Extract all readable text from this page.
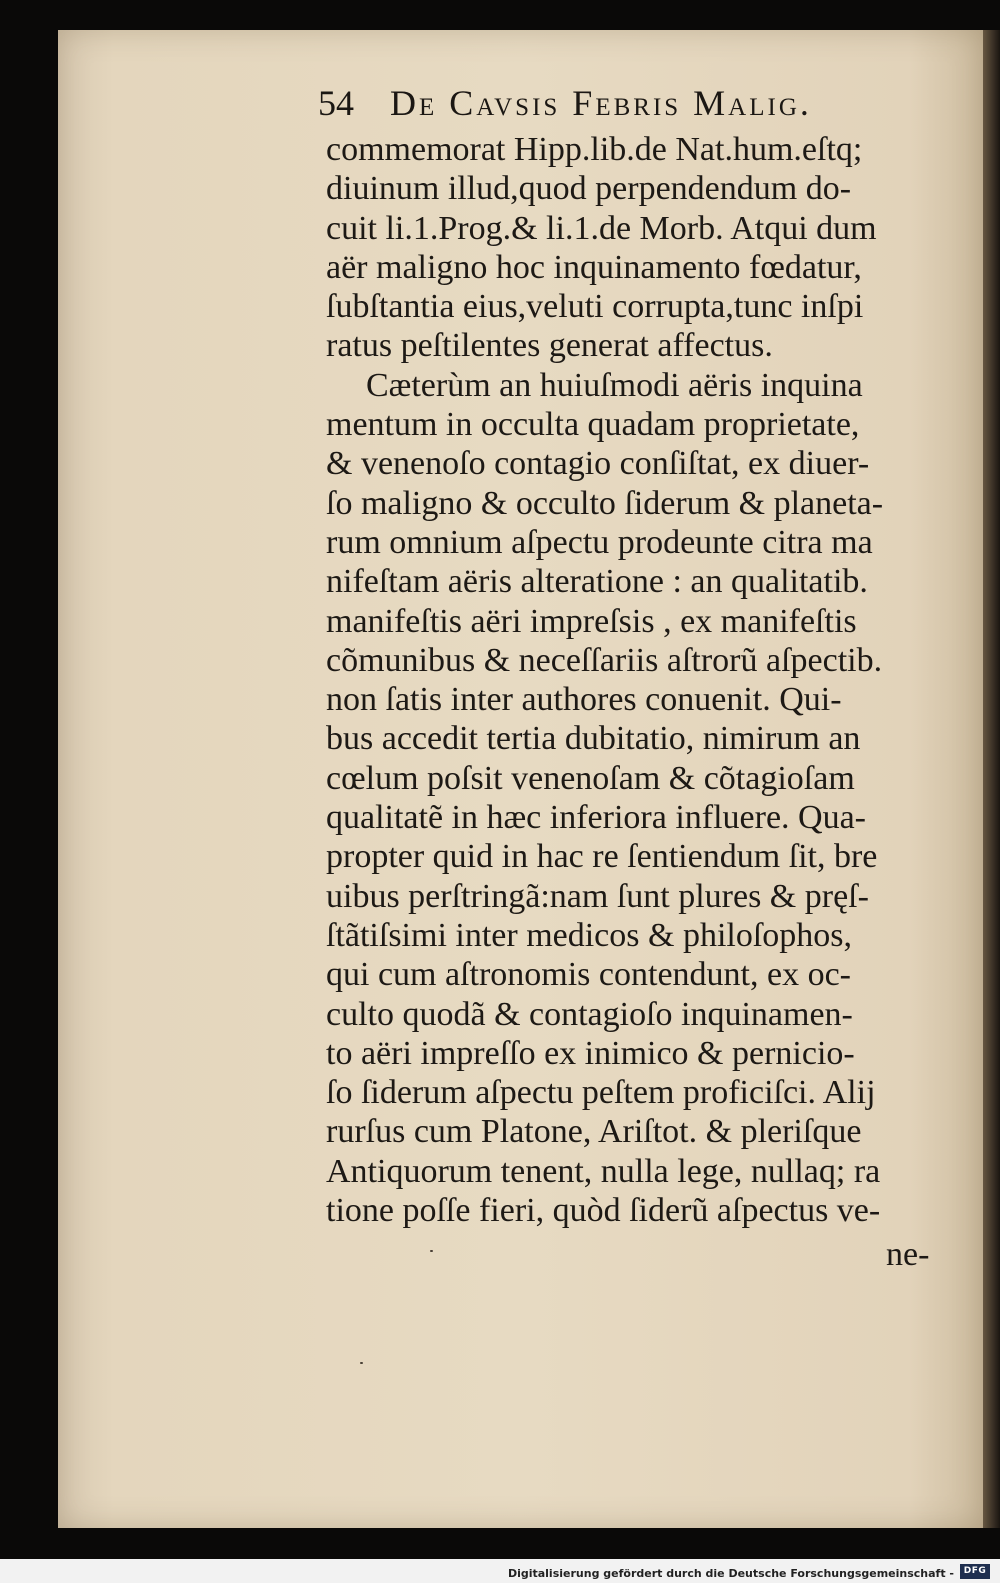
54 De Cavsis Febris Malig.
commemorat Hipp.lib.de Nat.hum.eſtq;
diuinum illud,quod perpendendum do-
cuit li.1.Prog.& li.1.de Morb. Atqui dum
aër maligno hoc inquinamento fœdatur,
ſubſtantia eius,veluti corrupta,tunc inſpi
ratus peſtilentes generat affectus.
Cæterùm an huiuſmodi aëris inquina
mentum in occulta quadam proprietate,
& venenoſo contagio conſiſtat, ex diuer-
ſo maligno & occulto ſiderum & planeta-
rum omnium aſpectu prodeunte citra ma
nifeſtam aëris alteratione : an qualitatib.
manifeſtis aëri impreſsis , ex manifeſtis
cõmunibus & neceſſariis aſtrorũ aſpectib.
non ſatis inter authores conuenit. Qui-
bus accedit tertia dubitatio, nimirum an
cœlum poſsit venenoſam & cõtagioſam
qualitatẽ in hæc inferiora influere. Qua-
propter quid in hac re ſentiendum ſit, bre
uibus perſtringã:nam ſunt plures & pręſ-
ſtãtiſsimi inter medicos & philoſophos,
qui cum aſtronomis contendunt, ex oc-
culto quodã & contagioſo inquinamen-
to aëri impreſſo ex inimico & pernicio-
ſo ſiderum aſpectu peſtem proficiſci. Alij
rurſus cum Platone, Ariſtot. & pleriſque
Antiquorum tenent, nulla lege, nullaq; ra
tione poſſe fieri, quòd ſiderũ aſpectus ve-
ne-
Digitalisierung gefördert durch die Deutsche Forschungsgemeinschaft -	DFG
